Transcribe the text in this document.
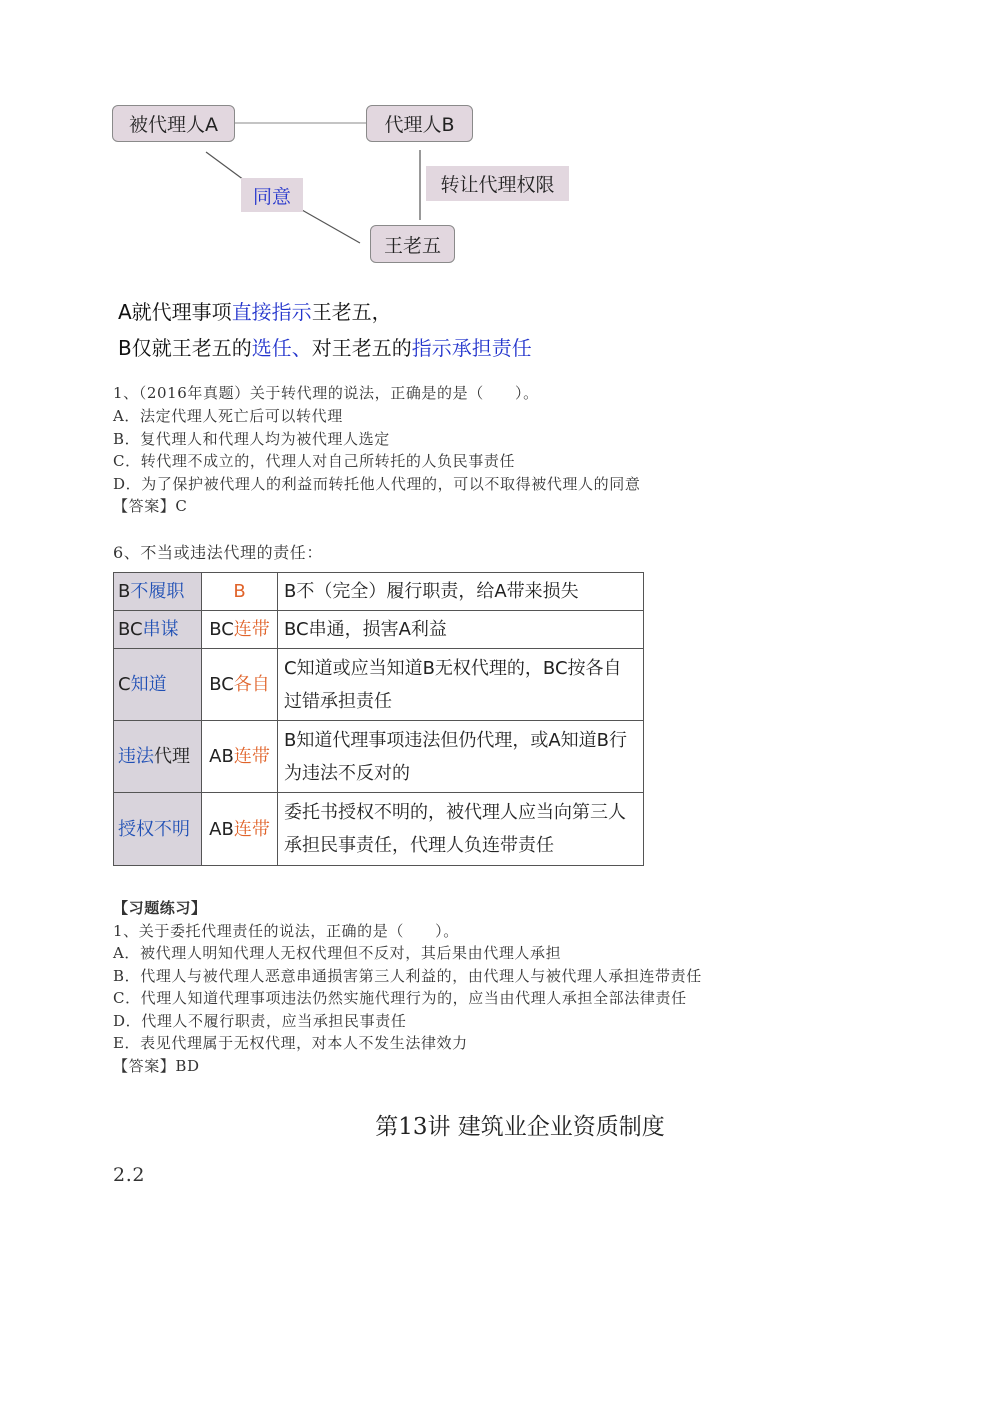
被代理人A	代理人B
王老五
同意
转让代理权限
A就代理事项直接指示王老五，
B仅就王老五的选任、对王老五的指示承担责任
1、（2016年真题）关于转代理的说法，正确是的是（　　）。
A．法定代理人死亡后可以转代理
B．复代理人和代理人均为被代理人选定
C．转代理不成立的，代理人对自己所转托的人负民事责任
D．为了保护被代理人的利益而转托他人代理的，可以不取得被代理人的同意
【答案】C
6、不当或违法代理的责任：
B不履职	B	B不（完全）履行职责，给A带来损失
BC串谋	BC连带	BC串通，损害A利益
C知道	BC各自	C知道或应当知道B无权代理的，BC按各自
过错承担责任

违法代理	AB连带	B知道代理事项违法但仍代理，或A知道B行
为违法不反对的

授权不明	AB连带	委托书授权不明的，被代理人应当向第三人
承担民事责任，代理人负连带责任
【习题练习】
1、关于委托代理责任的说法，正确的是（　　）。
A．被代理人明知代理人无权代理但不反对，其后果由代理人承担
B．代理人与被代理人恶意串通损害第三人利益的，由代理人与被代理人承担连带责任
C．代理人知道代理事项违法仍然实施代理行为的，应当由代理人承担全部法律责任
D．代理人不履行职责，应当承担民事责任
E．表见代理属于无权代理，对本人不发生法律效力
【答案】BD
第13讲 建筑业企业资质制度
2.2
